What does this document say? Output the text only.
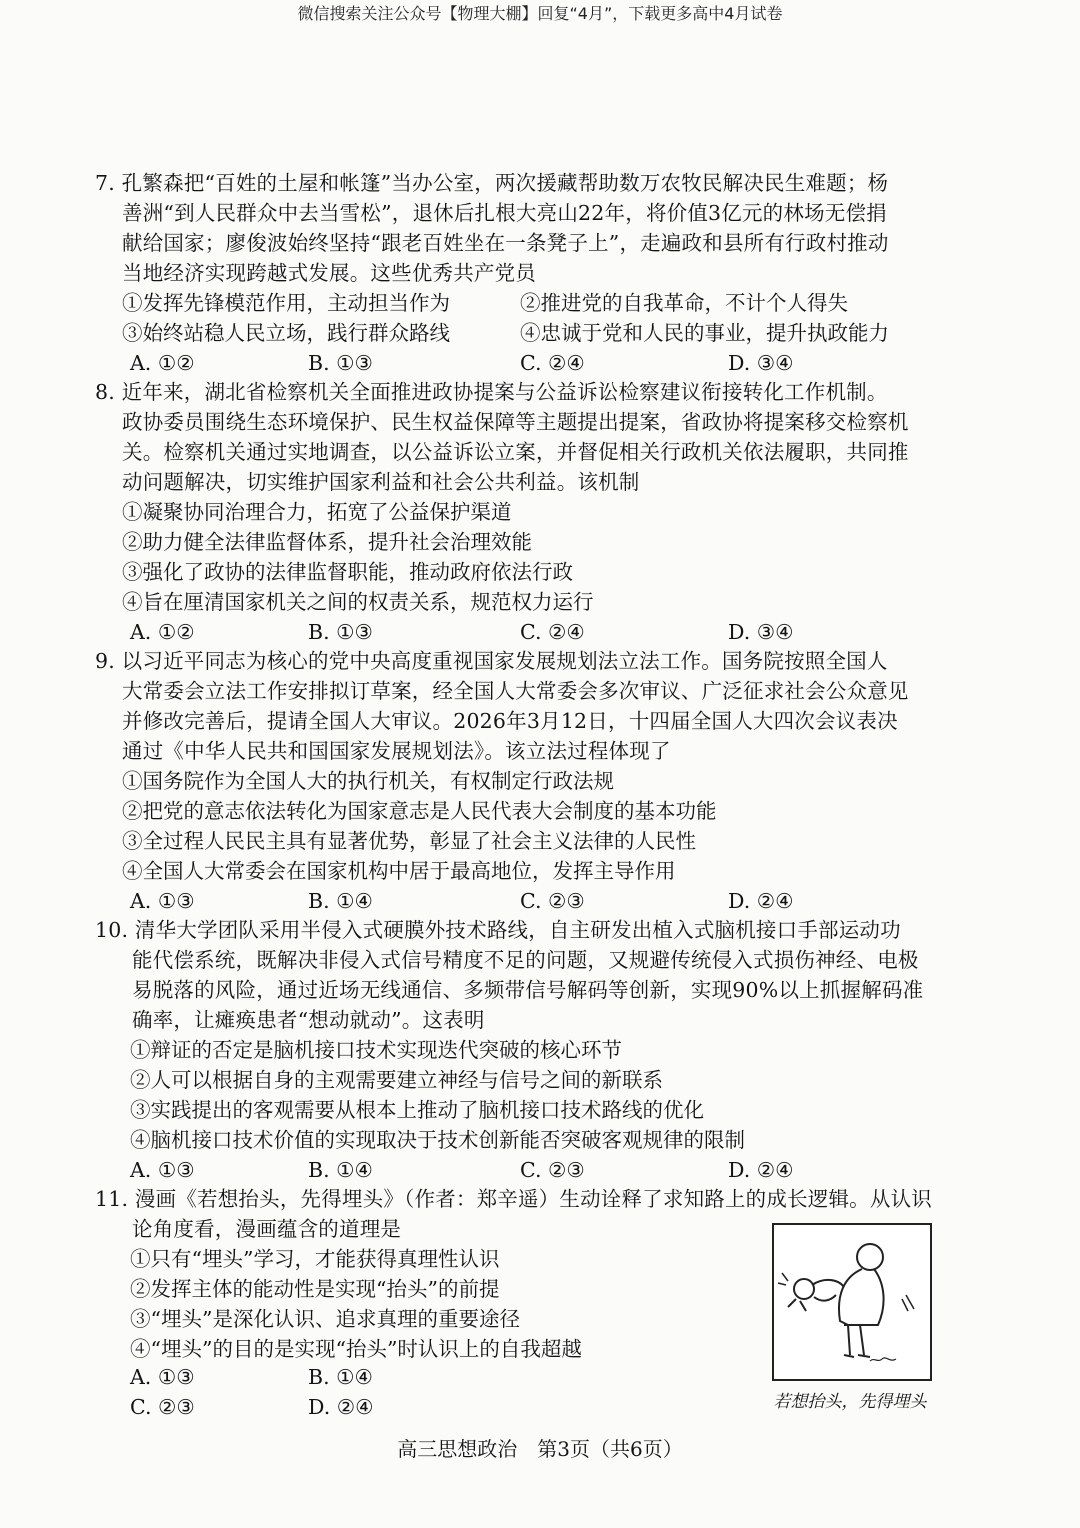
微信搜索关注公众号【物理大棚】回复“4月”，下载更多高中4月试卷
7. 孔繁森把“百姓的土屋和帐篷”当办公室，两次援藏帮助数万农牧民解决民生难题；杨
善洲“到人民群众中去当雪松”，退休后扎根大亮山22年，将价值3亿元的林场无偿捐
献给国家；廖俊波始终坚持“跟老百姓坐在一条凳子上”，走遍政和县所有行政村推动
当地经济实现跨越式发展。这些优秀共产党员
①发挥先锋模范作用，主动担当作为	②推进党的自我革命，不计个人得失
③始终站稳人民立场，践行群众路线	④忠诚于党和人民的事业，提升执政能力
A. ①②	B. ①③	C. ②④	D. ③④
8. 近年来，湖北省检察机关全面推进政协提案与公益诉讼检察建议衔接转化工作机制。
政协委员围绕生态环境保护、民生权益保障等主题提出提案，省政协将提案移交检察机
关。检察机关通过实地调查，以公益诉讼立案，并督促相关行政机关依法履职，共同推
动问题解决，切实维护国家利益和社会公共利益。该机制
①凝聚协同治理合力，拓宽了公益保护渠道
②助力健全法律监督体系，提升社会治理效能
③强化了政协的法律监督职能，推动政府依法行政
④旨在厘清国家机关之间的权责关系，规范权力运行
A. ①②	B. ①③	C. ②④	D. ③④
9. 以习近平同志为核心的党中央高度重视国家发展规划法立法工作。国务院按照全国人
大常委会立法工作安排拟订草案，经全国人大常委会多次审议、广泛征求社会公众意见
并修改完善后，提请全国人大审议。2026年3月12日，十四届全国人大四次会议表决
通过《中华人民共和国国家发展规划法》。该立法过程体现了
①国务院作为全国人大的执行机关，有权制定行政法规
②把党的意志依法转化为国家意志是人民代表大会制度的基本功能
③全过程人民民主具有显著优势，彰显了社会主义法律的人民性
④全国人大常委会在国家机构中居于最高地位，发挥主导作用
A. ①③	B. ①④	C. ②③	D. ②④
10. 清华大学团队采用半侵入式硬膜外技术路线，自主研发出植入式脑机接口手部运动功
能代偿系统，既解决非侵入式信号精度不足的问题，又规避传统侵入式损伤神经、电极
易脱落的风险，通过近场无线通信、多频带信号解码等创新，实现90%以上抓握解码准
确率，让瘫痪患者“想动就动”。这表明
①辩证的否定是脑机接口技术实现迭代突破的核心环节
②人可以根据自身的主观需要建立神经与信号之间的新联系
③实践提出的客观需要从根本上推动了脑机接口技术路线的优化
④脑机接口技术价值的实现取决于技术创新能否突破客观规律的限制
A. ①③	B. ①④	C. ②③	D. ②④
11. 漫画《若想抬头，先得埋头》（作者：郑辛遥）生动诠释了求知路上的成长逻辑。从认识
论角度看，漫画蕴含的道理是
①只有“埋头”学习，才能获得真理性认识
②发挥主体的能动性是实现“抬头”的前提
③“埋头”是深化认识、追求真理的重要途径
④“埋头”的目的是实现“抬头”时认识上的自我超越
A. ①③	B. ①④
C. ②③	D. ②④	若想抬头，先得埋头
高三思想政治　第3页（共6页）
